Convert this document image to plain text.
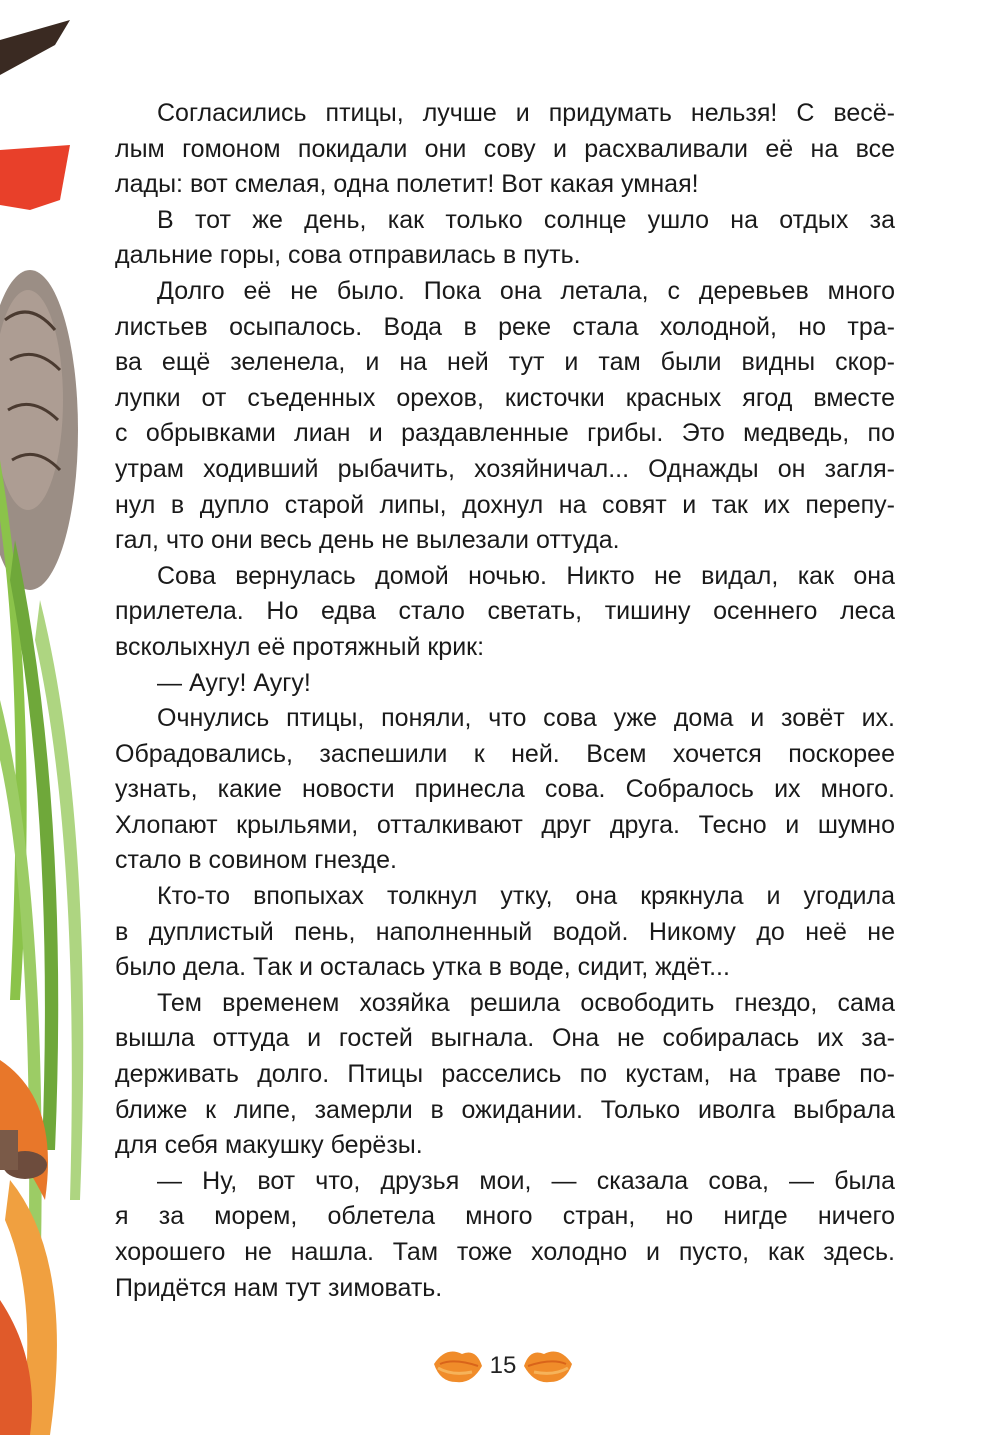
Согласились птицы, лучше и придумать нельзя! С весё-
лым гомоном покидали они сову и расхваливали её на все
лады: вот смелая, одна полетит! Вот какая умная!
В тот же день, как только солнце ушло на отдых за
дальние горы, сова отправилась в путь.
Долго её не было. Пока она летала, с деревьев много
листьев осыпалось. Вода в реке стала холодной, но тра-
ва ещё зеленела, и на ней тут и там были видны скор-
лупки от съеденных орехов, кисточки красных ягод вместе
с обрывками лиан и раздавленные грибы. Это медведь, по
утрам ходивший рыбачить, хозяйничал... Однажды он загля-
нул в дупло старой липы, дохнул на совят и так их перепу-
гал, что они весь день не вылезали оттуда.
Сова вернулась домой ночью. Никто не видал, как она
прилетела. Но едва стало светать, тишину осеннего леса
всколыхнул её протяжный крик:
— Аугу! Аугу!
Очнулись птицы, поняли, что сова уже дома и зовёт их.
Обрадовались, заспешили к ней. Всем хочется поскорее
узнать, какие новости принесла сова. Собралось их много.
Хлопают крыльями, отталкивают друг друга. Тесно и шумно
стало в совином гнезде.
Кто-то впопыхах толкнул утку, она крякнула и угодила
в дуплистый пень, наполненный водой. Никому до неё не
было дела. Так и осталась утка в воде, сидит, ждёт...
Тем временем хозяйка решила освободить гнездо, сама
вышла оттуда и гостей выгнала. Она не собиралась их за-
держивать долго. Птицы расселись по кустам, на траве по-
ближе к липе, замерли в ожидании. Только иволга выбрала
для себя макушку берёзы.
— Ну, вот что, друзья мои, — сказала сова, — была
я за морем, облетела много стран, но нигде ничего
хорошего не нашла. Там тоже холодно и пусто, как здесь.
Придётся нам тут зимовать.
15
